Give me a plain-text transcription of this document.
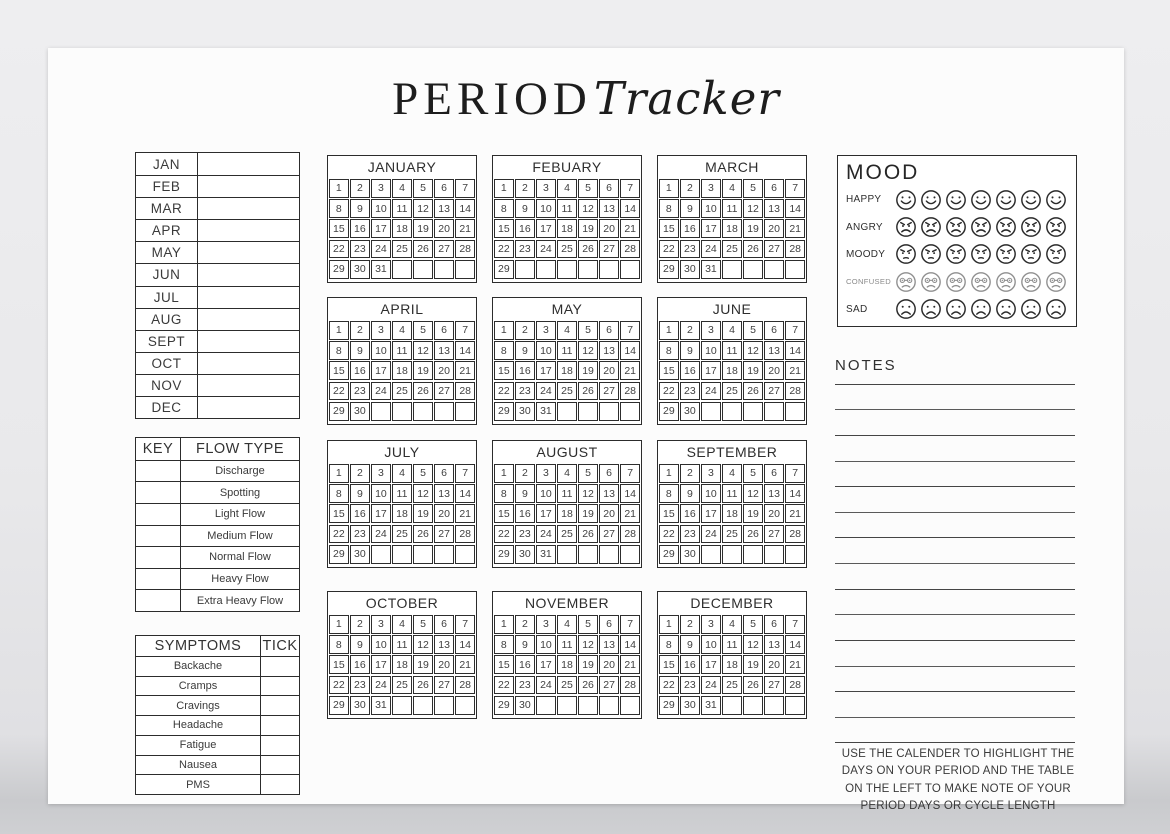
PERIODTracker
JAN
FEB
MAR
APR
MAY
JUN
JUL
AUG
SEPT
OCT
NOV
DEC
KEY	FLOW TYPE
Discharge
Spotting
Light Flow
Medium Flow
Normal Flow
Heavy Flow
Extra Heavy Flow
SYMPTOMS	TICK
Backache
Cramps
Cravings
Headache
Fatigue
Nausea
PMS
JANUARY
1	2	3	4	5	6	7
8	9	10 11 12 13 14
15 16 17 18 19 20 21
22 23 24 25 26 27 28
29 30 31
FEBUARY
1	2	3	4	5	6	7
8	9	10 11 12 13 14
15 16 17 18 19 20 21
22 23 24 25 26 27 28
29
MARCH
1	2	3	4	5	6	7
8	9	10 11 12 13 14
15 16 17 18 19 20 21
22 23 24 25 26 27 28
29 30 31
APRIL
1	2	3	4	5	6	7
8	9	10 11 12 13 14
15 16 17 18 19 20 21
22 23 24 25 26 27 28
29 30
MAY
1	2	3	4	5	6	7
8	9	10 11 12 13 14
15 16 17 18 19 20 21
22 23 24 25 26 27 28
29 30 31
JUNE
1	2	3	4	5	6	7
8	9	10 11 12 13 14
15 16 17 18 19 20 21
22 23 24 25 26 27 28
29 30
JULY
1	2	3	4	5	6	7
8	9	10 11 12 13 14
15 16 17 18 19 20 21
22 23 24 25 26 27 28
29 30
AUGUST
1	2	3	4	5	6	7
8	9	10 11 12 13 14
15 16 17 18 19 20 21
22 23 24 25 26 27 28
29 30 31
SEPTEMBER
1	2	3	4	5	6	7
8	9	10 11 12 13 14
15 16 17 18 19 20 21
22 23 24 25 26 27 28
29 30
OCTOBER
1	2	3	4	5	6	7
8	9	10 11 12 13 14
15 16 17 18 19 20 21
22 23 24 25 26 27 28
29 30 31
NOVEMBER
1	2	3	4	5	6	7
8	9	10 11 12 13 14
15 16 17 18 19 20 21
22 23 24 25 26 27 28
29 30
DECEMBER
1	2	3	4	5	6	7
8	9	10 11 12 13 14
15 16 17 18 19 20 21
22 23 24 25 26 27 28
29 30 31
MOOD
HAPPY
ANGRY
MOODY
CONFUSED
SAD
NOTES
USE THE CALENDER TO HIGHLIGHT THE DAYS ON YOUR PERIOD AND THE TABLE ON THE LEFT TO MAKE NOTE OF YOUR PERIOD DAYS OR CYCLE LENGTH
